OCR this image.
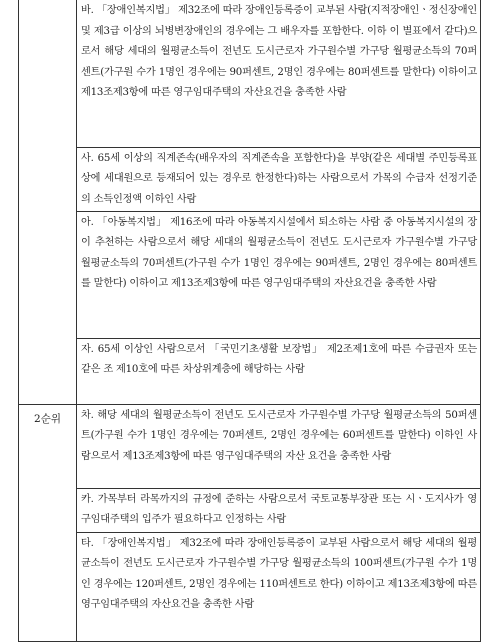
	바. 「장애인복지법」 제32조에 따라 장애인등록증이 교부된 사람(지적장애인ㆍ정신장애인 및 제3급 이상의 뇌병변장애인의 경우에는 그 배우자를 포함한다. 이하 이 별표에서 같다)으로서 해당 세대의 월평균소득이 전년도 도시근로자 가구원수별 가구당 월평균소득의 70퍼센트(가구원 수가 1명인 경우에는 90퍼센트, 2명인 경우에는 80퍼센트를 말한다) 이하이고 제13조제3항에 따른 영구임대주택의 자산요건을 충족한 사람

	사. 65세 이상의 직계존속(배우자의 직계존속을 포함한다)을 부양(같은 세대별 주민등록표상에 세대원으로 등재되어 있는 경우로 한정한다)하는 사람으로서 가목의 수급자 선정기준의 소득인정액 이하인 사람

	아. 「아동복지법」 제16조에 따라 아동복지시설에서 퇴소하는 사람 중 아동복지시설의 장이 추천하는 사람으로서 해당 세대의 월평균소득이 전년도 도시근로자 가구원수별 가구당 월평균소득의 70퍼센트(가구원 수가 1명인 경우에는 90퍼센트, 2명인 경우에는 80퍼센트를 말한다) 이하이고 제13조제3항에 따른 영구임대주택의 자산요건을 충족한 사람

	자. 65세 이상인 사람으로서 「국민기초생활 보장법」 제2조제1호에 따른 수급권자 또는 같은 조 제10호에 따른 차상위계층에 해당하는 사람

2순위	차. 해당 세대의 월평균소득이 전년도 도시근로자 가구원수별 가구당 월평균소득의 50퍼센트(가구원 수가 1명인 경우에는 70퍼센트, 2명인 경우에는 60퍼센트를 말한다) 이하인 사람으로서 제13조제3항에 따른 영구임대주택의 자산 요건을 충족한 사람

	카. 가목부터 라목까지의 규정에 준하는 사람으로서 국토교통부장관 또는 시ㆍ도지사가 영구임대주택의 입주가 필요하다고 인정하는 사람

	타. 「장애인복지법」 제32조에 따라 장애인등록증이 교부된 사람으로서 해당 세대의 월평균소득이 전년도 도시근로자 가구원수별 가구당 월평균소득의 100퍼센트(가구원 수가 1명인 경우에는 120퍼센트, 2명인 경우에는 110퍼센트로 한다) 이하이고 제13조제3항에 따른 영구임대주택의 자산요건을 충족한 사람
